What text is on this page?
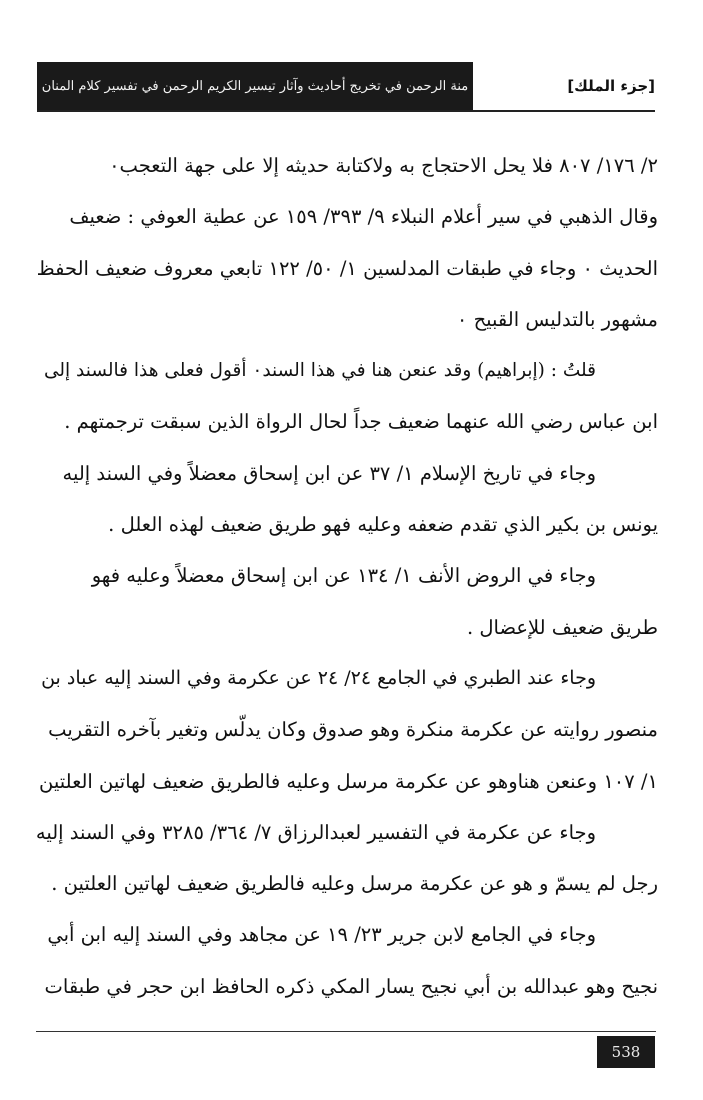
[جزء الملك]
منة الرحمن في تخريج أحاديث وآثار تيسير الكريم الرحمن في تفسير كلام المنان
٢/ ١٧٦/ ٨٠٧ فلا يحل الاحتجاج به ولاكتابة حديثه إلا على جهة التعجب٠
وقال الذهبي في سير أعلام النبلاء ٩/ ٣٩٣/ ١٥٩ عن عطية العوفي : ضعيف
الحديث ٠ وجاء في طبقات المدلسين ١/ ٥٠/ ١٢٢ تابعي معروف ضعيف الحفظ
مشهور بالتدليس القبيح ٠
قلتُ : (إبراهيم) وقد عنعن هنا في هذا السند٠ أقول فعلى هذا فالسند إلى
ابن عباس رضي الله عنهما ضعيف جداً لحال الرواة الذين سبقت ترجمتهم .
وجاء في تاريخ الإسلام ١/ ٣٧ عن ابن إسحاق معضلاً وفي السند إليه
يونس بن بكير الذي تقدم ضعفه وعليه فهو طريق ضعيف لهذه العلل .
وجاء في الروض الأنف ١/ ١٣٤ عن ابن إسحاق معضلاً وعليه فهو
طريق ضعيف للإعضال .
وجاء عند الطبري في الجامع ٢٤/ ٢٤ عن عكرمة وفي السند إليه عباد بن
منصور روايته عن عكرمة منكرة وهو صدوق وكان يدلّس وتغير بآخره التقريب
١/ ١٠٧ وعنعن هناوهو عن عكرمة مرسل وعليه فالطريق ضعيف لهاتين العلتين
وجاء عن عكرمة في التفسير لعبدالرزاق ٧/ ٣٦٤/ ٣٢٨٥ وفي السند إليه
رجل لم يسمّ و هو عن عكرمة مرسل وعليه فالطريق ضعيف لهاتين العلتين .
وجاء في الجامع لابن جرير ٢٣/ ١٩ عن مجاهد وفي السند إليه ابن أبي
نجيح وهو عبدالله بن أبي نجيح يسار المكي ذكره الحافظ ابن حجر في طبقات
538
